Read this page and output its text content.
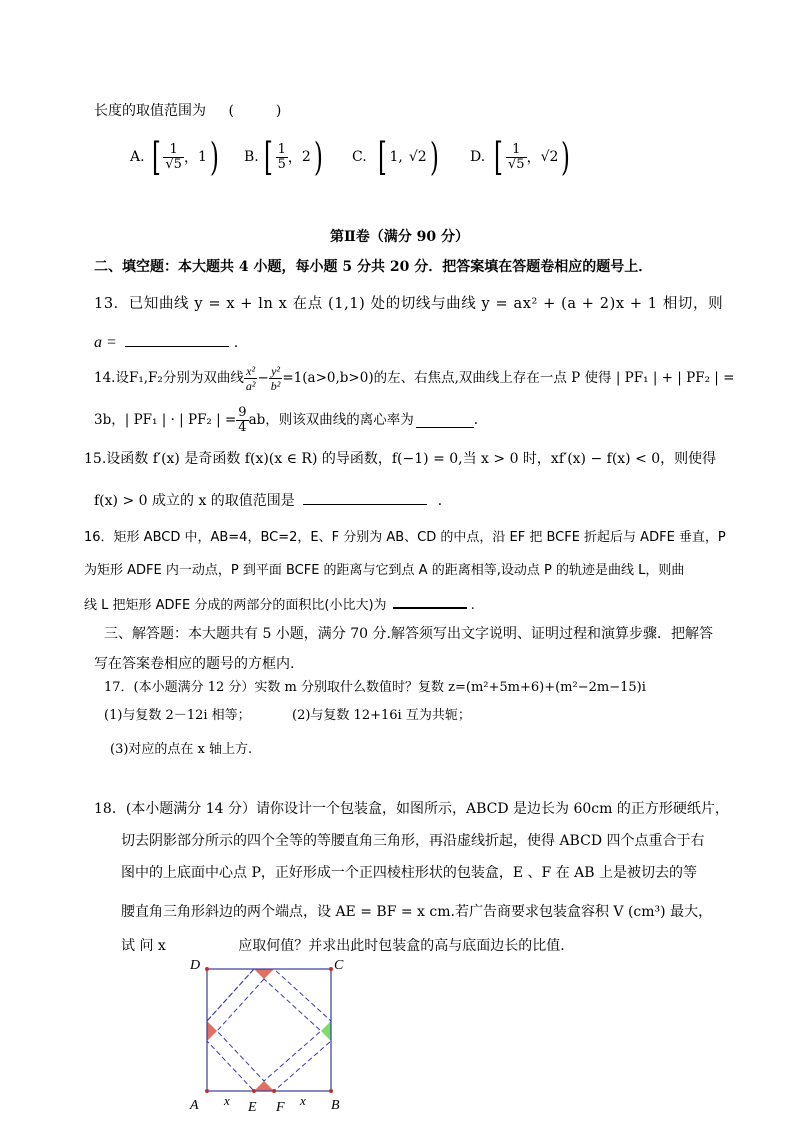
长度的取值范围为 (　　　)
A. [ $\frac{1}{√5}$ ， 1 ) B. [ $\frac{1}{5}$ ， 2 ) C. [ 1, √2 ) D. [ $\frac{1}{√5}$ ， √2 )
第Ⅱ卷（满分 90 分）
二、填空题：本大题共 4 小题，每小题 5 分共 20 分．把答案填在答题卷相应的题号上．
13．已知曲线 y = x + ln x 在点 (1,1) 处的切线与曲线 y = ax² + (a + 2)x + 1 相切，则
a =	.
14.设 F₁,F₂分别为双曲线 $\frac{\text{x²}}{\text{a²}} - \frac{\text{y²}}{\text{b²}} =1(a>0,b>0)$的左、右焦点,双曲线上存在一点 P 使得 | PF₁ | + | PF₂ | =
3b，| PF₁ | · | PF₂ | = $\frac{9}{4}$ ab，则该双曲线的离心率为	.
15.设函数 f′(x) 是奇函数 f(x)(x ∈ R) 的导函数，f(−1) = 0,当 x > 0 时，xf′(x) − f(x) < 0，则使得
f(x) > 0 成立的 x 的取值范围是	．
16．矩形 ABCD 中，AB=4，BC=2，E、F 分别为 AB、CD 的中点，沿 EF 把 BCFE 折起后与 ADFE 垂直，P
为矩形 ADFE 内一动点，P 到平面 BCFE 的距离与它到点 A 的距离相等,设动点 P 的轨迹是曲线 L，则曲
线 L 把矩形 ADFE 分成的两部分的面积比(小比大)为	.
三、解答题：本大题共有 5 小题，满分 70 分.解答须写出文字说明、证明过程和演算步骤．把解答
写在答案卷相应的题号的方框内.
17．(本小题满分 12 分）实数 m 分别取什么数值时？复数 z=(m²+5m+6)+(m²−2m−15)i
(1)与复数 2－12i 相等；	(2)与复数 12+16i 互为共轭；
(3)对应的点在 x 轴上方.
18．(本小题满分 14 分）请你设计一个包装盒，如图所示，ABCD 是边长为 60cm 的正方形硬纸片，
切去阴影部分所示的四个全等的等腰直角三角形，再沿虚线折起，使得 ABCD 四个点重合于右
图中的上底面中心点 P，正好形成一个正四棱柱形状的包装盒，E 、F 在 AB 上是被切去的等
腰直角三角形斜边的两个端点，设 AE = BF = x cm.若广告商要求包装盒容积 V (cm³) 最大，
试 问 x	应取何值？并求出此时包装盒的高与底面边长的比值.
D	C
A	B
E F
x	x
